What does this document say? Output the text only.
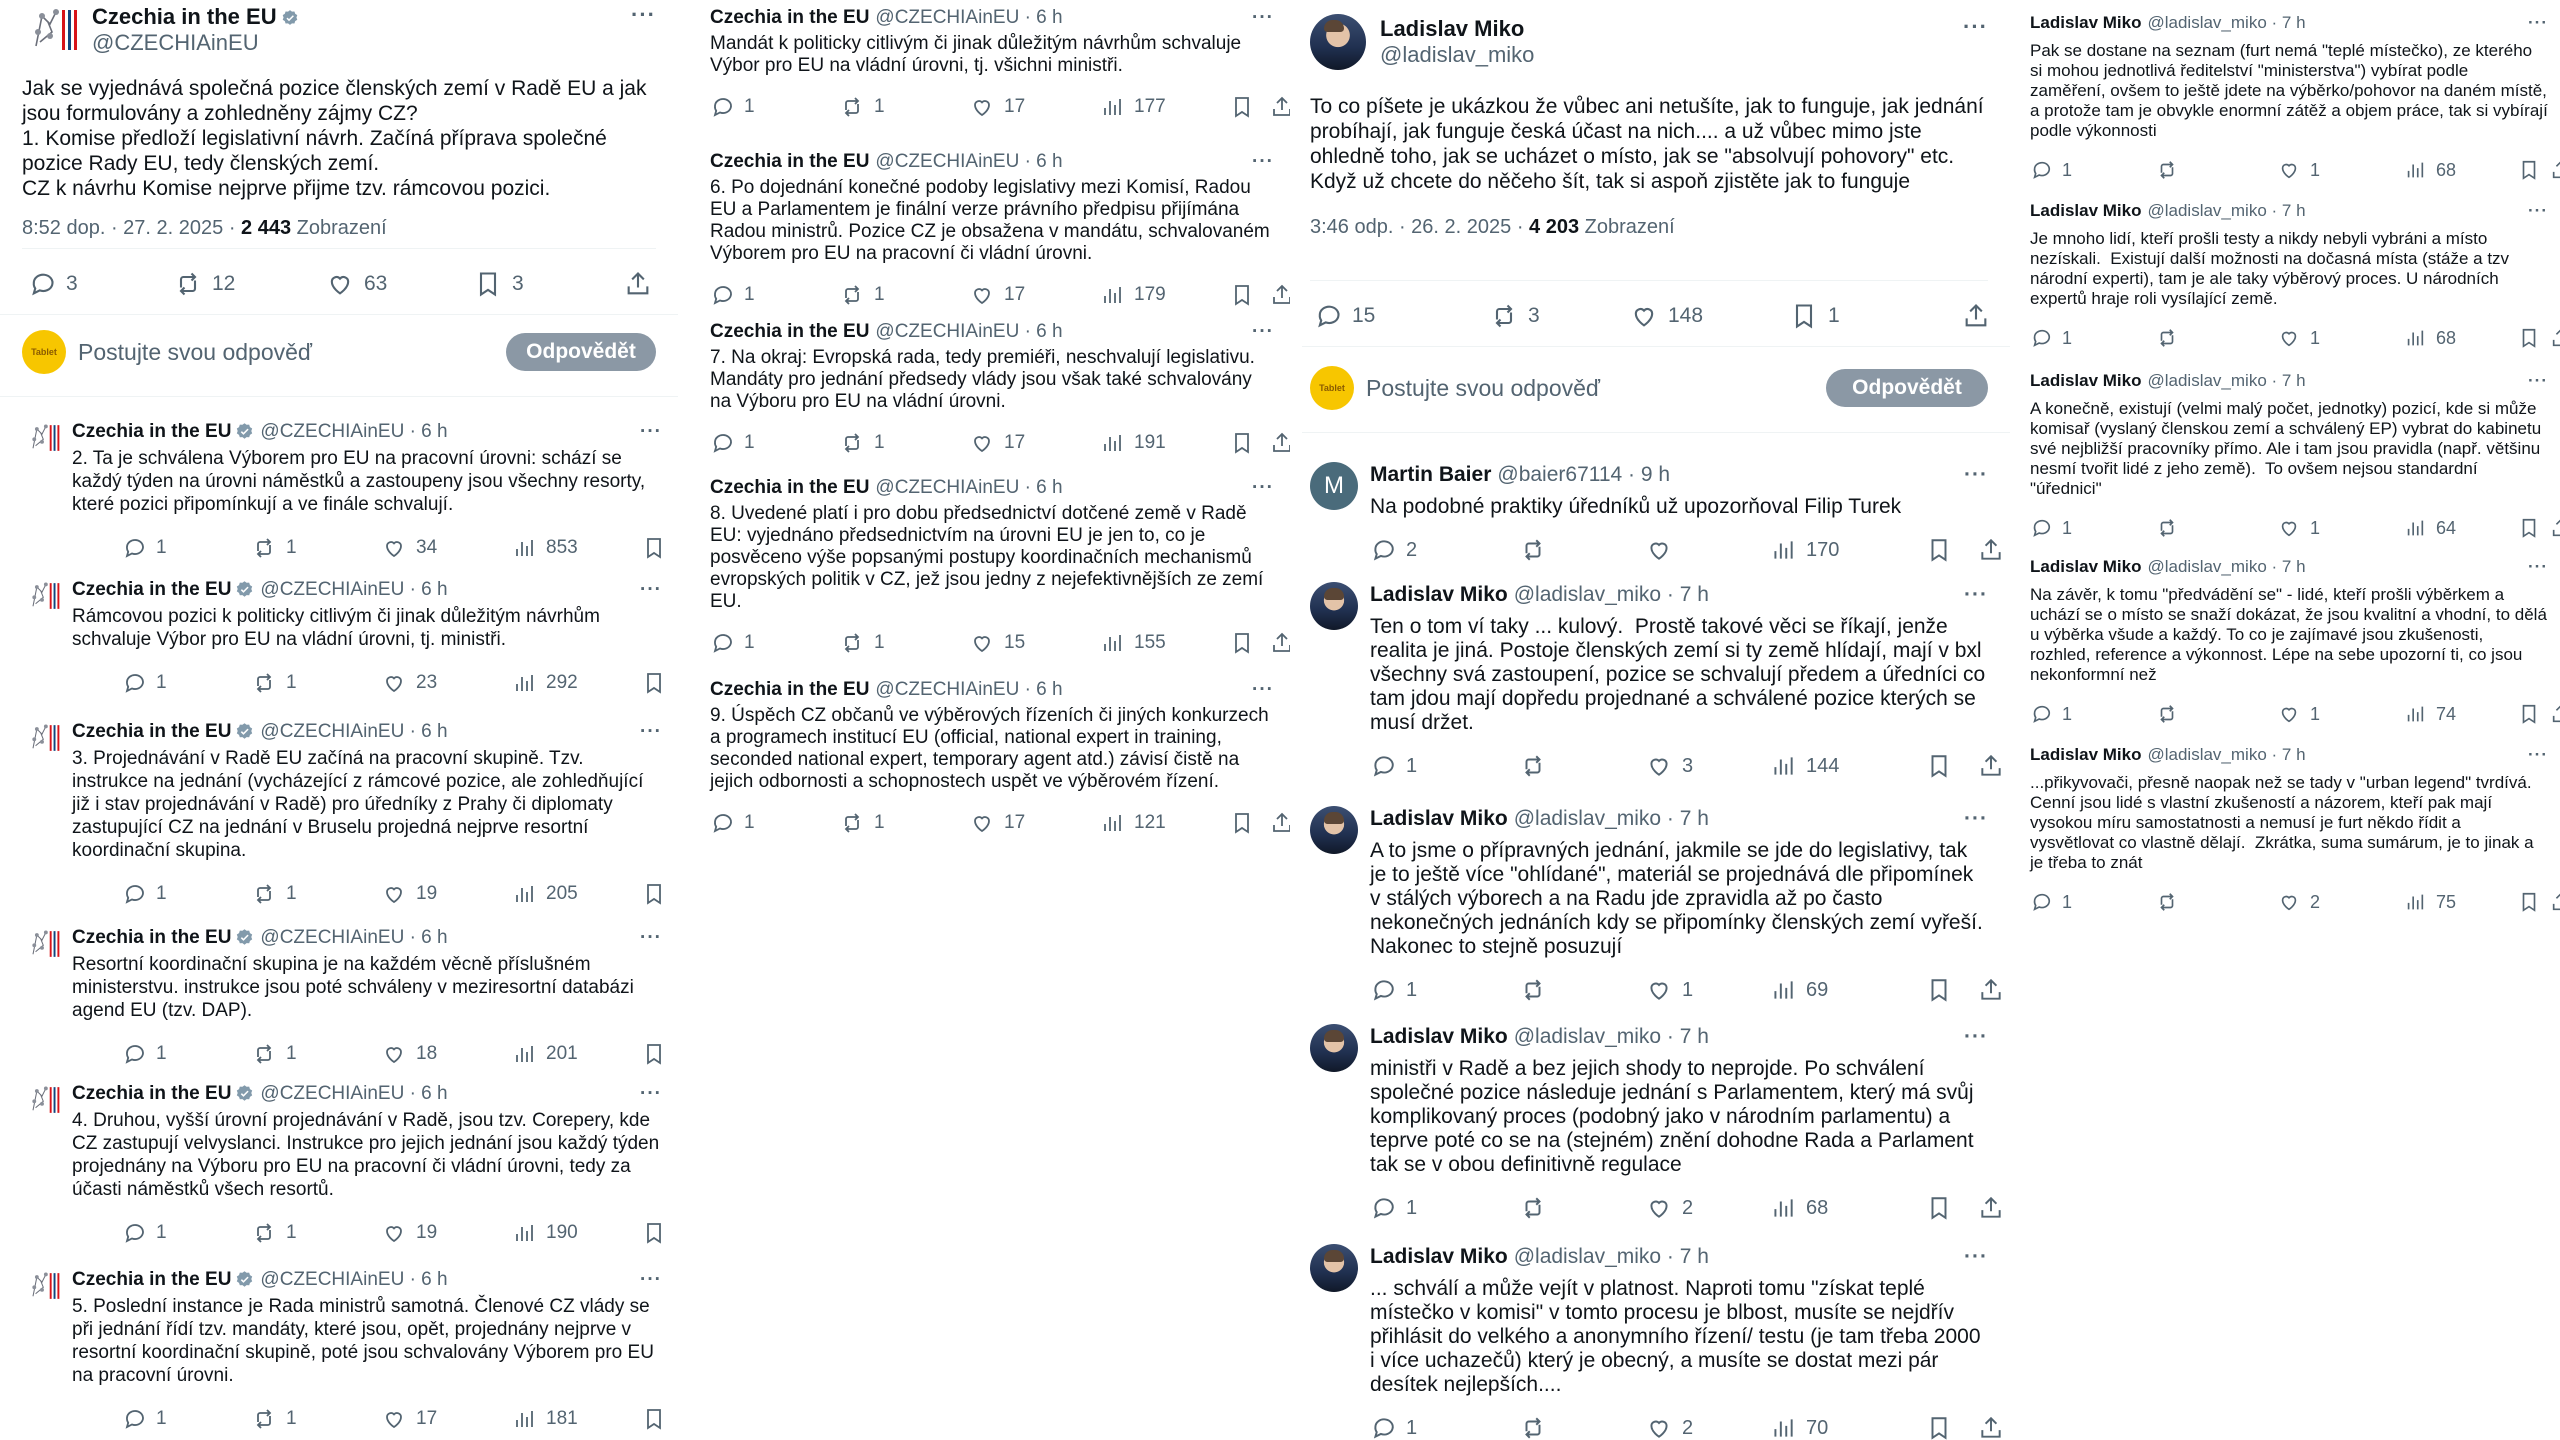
Czechia in the EU
@CZECHIAinEU
···
Jak se vyjednává společná pozice členských zemí v Radě EU a jak jsou formulovány a zohledněny zájmy CZ?
1. Komise předloží legislativní návrh. Začíná příprava společné pozice Rady EU, tedy členských zemí.
CZ k návrhu Komise nejprve přijme tzv. rámcovou pozici.
8:52 dop. · 27. 2. 2025 · 2 443 Zobrazení
3	12	63	3
Tablet Postujte svou odpověď	Odpovědět
Czechia in the EU @CZECHIAinEU · 6 h	···
2. Ta je schválena Výborem pro EU na pracovní úrovni: schází se každý týden na úrovni náměstků a zastoupeny jsou všechny resorty, které pozici připomínkují a ve finále schvalují.
1	1	34	853
Czechia in the EU @CZECHIAinEU · 6 h	···
Rámcovou pozici k politicky citlivým či jinak důležitým návrhům schvaluje Výbor pro EU na vládní úrovni, tj. ministři.
1	1	23	292
Czechia in the EU @CZECHIAinEU · 6 h	···
3. Projednávání v Radě EU začíná na pracovní skupině. Tzv. instrukce na jednání (vycházející z rámcové pozice, ale zohledňující již i stav projednávání v Radě) pro úředníky z Prahy či diplomaty zastupující CZ na jednání v Bruselu projedná nejprve resortní koordinační skupina.
1	1	19	205
Czechia in the EU @CZECHIAinEU · 6 h	···
Resortní koordinační skupina je na každém věcně příslušném ministerstvu. instrukce jsou poté schváleny v meziresortní databázi agend EU (tzv. DAP).
1	1	18	201
Czechia in the EU @CZECHIAinEU · 6 h	···
4. Druhou, vyšší úrovní projednávání v Radě, jsou tzv. Corepery, kde CZ zastupují velvyslanci. Instrukce pro jejich jednání jsou každý týden projednány na Výboru pro EU na pracovní či vládní úrovni, tedy za účasti náměstků všech resortů.
1	1	19	190
Czechia in the EU @CZECHIAinEU · 6 h	···
5. Poslední instance je Rada ministrů samotná. Členové CZ vlády se při jednání řídí tzv. mandáty, které jsou, opět, projednány nejprve v resortní koordinační skupině, poté jsou schvalovány Výborem pro EU na pracovní úrovni.
1	1	17	181
Czechia in the EU @CZECHIAinEU · 6 h	···
Mandát k politicky citlivým či jinak důležitým návrhům schvaluje Výbor pro EU na vládní úrovni, tj. všichni ministři.
1	1	17	177
Czechia in the EU @CZECHIAinEU · 6 h	···
6. Po dojednání konečné podoby legislativy mezi Komisí, Radou EU a Parlamentem je finální verze právního předpisu přijímána Radou ministrů. Pozice CZ je obsažena v mandátu, schvalovaném Výborem pro EU na pracovní či vládní úrovni.
1	1	17	179
Czechia in the EU @CZECHIAinEU · 6 h	···
7. Na okraj: Evropská rada, tedy premiéři, neschvalují legislativu. Mandáty pro jednání předsedy vlády jsou však také schvalovány na Výboru pro EU na vládní úrovni.
1	1	17	191
Czechia in the EU @CZECHIAinEU · 6 h	···
8. Uvedené platí i pro dobu předsednictví dotčené země v Radě EU: vyjednáno předsednictvím na úrovni EU je jen to, co je posvěceno výše popsanými postupy koordinačních mechanismů evropských politik v CZ, jež jsou jedny z nejefektivnějších ze zemí EU.
1	1	15	155
Czechia in the EU @CZECHIAinEU · 6 h	···
9. Úspěch CZ občanů ve výběrových řízeních či jiných konkurzech a programech institucí EU (official, national expert in training, seconded national expert, temporary agent atd.) závisí čistě na jejich odbornosti a schopnostech uspět ve výběrovém řízení.
1	1	17	121
Ladislav Miko
@ladislav_miko
···
To co píšete je ukázkou že vůbec ani netušíte, jak to funguje, jak jednání probíhají, jak funguje česká účast na nich.... a už vůbec mimo jste ohledně toho, jak se ucházet o místo, jak se "absolvují pohovory" etc. Když už chcete do něčeho šít, tak si aspoň zjistěte jak to funguje
3:46 odp. · 26. 2. 2025 · 4 203 Zobrazení
15	3	148	1
Tablet Postujte svou odpověď	Odpovědět
M	Martin Baier @baier67114 · 9 h	···
Na podobné praktiky úředníků už upozorňoval Filip Turek
2	170
Ladislav Miko @ladislav_miko · 7 h	···
Ten o tom ví taky ... kulový.  Prostě takové věci se říkají, jenže realita je jiná. Postoje členských zemí si ty země hlídají, mají v bxl všechny svá zastoupení, pozice se schvalují předem a úředníci co tam jdou mají dopředu projednané a schválené pozice kterých se musí držet.
1	3	144
Ladislav Miko @ladislav_miko · 7 h	···
A to jsme o přípravných jednání, jakmile se jde do legislativy, tak je to ještě více "ohlídané", materiál se projednává dle připomínek v stálých výborech a na Radu jde zpravidla až po často nekonečných jednáních kdy se připomínky členských zemí vyřeší. Nakonec to stejně posuzují
1	1	69
Ladislav Miko @ladislav_miko · 7 h	···
ministři v Radě a bez jejich shody to neprojde. Po schválení společné pozice následuje jednání s Parlamentem, který má svůj komplikovaný proces (podobný jako v národním parlamentu) a teprve poté co se na (stejném) znění dohodne Rada a Parlament tak se v obou definitivně regulace
1	2	68
Ladislav Miko @ladislav_miko · 7 h	···
... schválí a může vejít v platnost. Naproti tomu "získat teplé místečko v komisi" v tomto procesu je blbost, musíte se nejdřív přihlásit do velkého a anonymního řízení/ testu (je tam třeba 2000  i více uchazečů) který je obecný, a musíte se dostat mezi pár desítek nejlepších....
1	2	70
Ladislav Miko @ladislav_miko · 7 h	···
Pak se dostane na seznam (furt nemá "teplé místečko), ze kterého si mohou jednotlivá ředitelství "ministerstva") vybírat podle zaměření, ovšem to ještě jdete na výběrko/pohovor na daném místě, a protože tam je obvykle enormní zátěž a objem práce, tak si vybírají podle výkonnosti
1	1	68
Ladislav Miko @ladislav_miko · 7 h	···
Je mnoho lidí, kteří prošli testy a nikdy nebyli vybráni a místo nezískali.  Existují další možnosti na dočasná místa (stáže a tzv národní experti), tam je ale taky výběrový proces. U národních expertů hraje roli vysílající země.
1	1	68
Ladislav Miko @ladislav_miko · 7 h	···
A konečně, existují (velmi malý počet, jednotky) pozicí, kde si může komisař (vyslaný členskou zemí a schválený EP) vybrat do kabinetu své nejbližší pracovníky přímo. Ale i tam jsou pravidla (např. většinu nesmí tvořit lidé z jeho země).  To ovšem nejsou standardní "úřednici"
1	1	64
Ladislav Miko @ladislav_miko · 7 h	···
Na závěr, k tomu "předvádění se" - lidé, kteří prošli výběrkem a uchází se o místo se snaží dokázat, že jsou kvalitní a vhodní, to dělá u výběrka všude a každý. To co je zajímavé jsou zkušenosti, rozhled, reference a výkonnost. Lépe na sebe upozorní ti, co jsou nekonformní než
1	1	74
Ladislav Miko @ladislav_miko · 7 h	···
...přikyvovači, přesně naopak než se tady v "urban legend" tvrdívá. Cenní jsou lidé s vlastní zkušeností a názorem, kteří pak mají vysokou míru samostatnosti a nemusí je furt někdo řídit a vysvětlovat co vlastně dělají.  Zkrátka, suma sumárum, je to jinak a je třeba to znát
1	2	75
